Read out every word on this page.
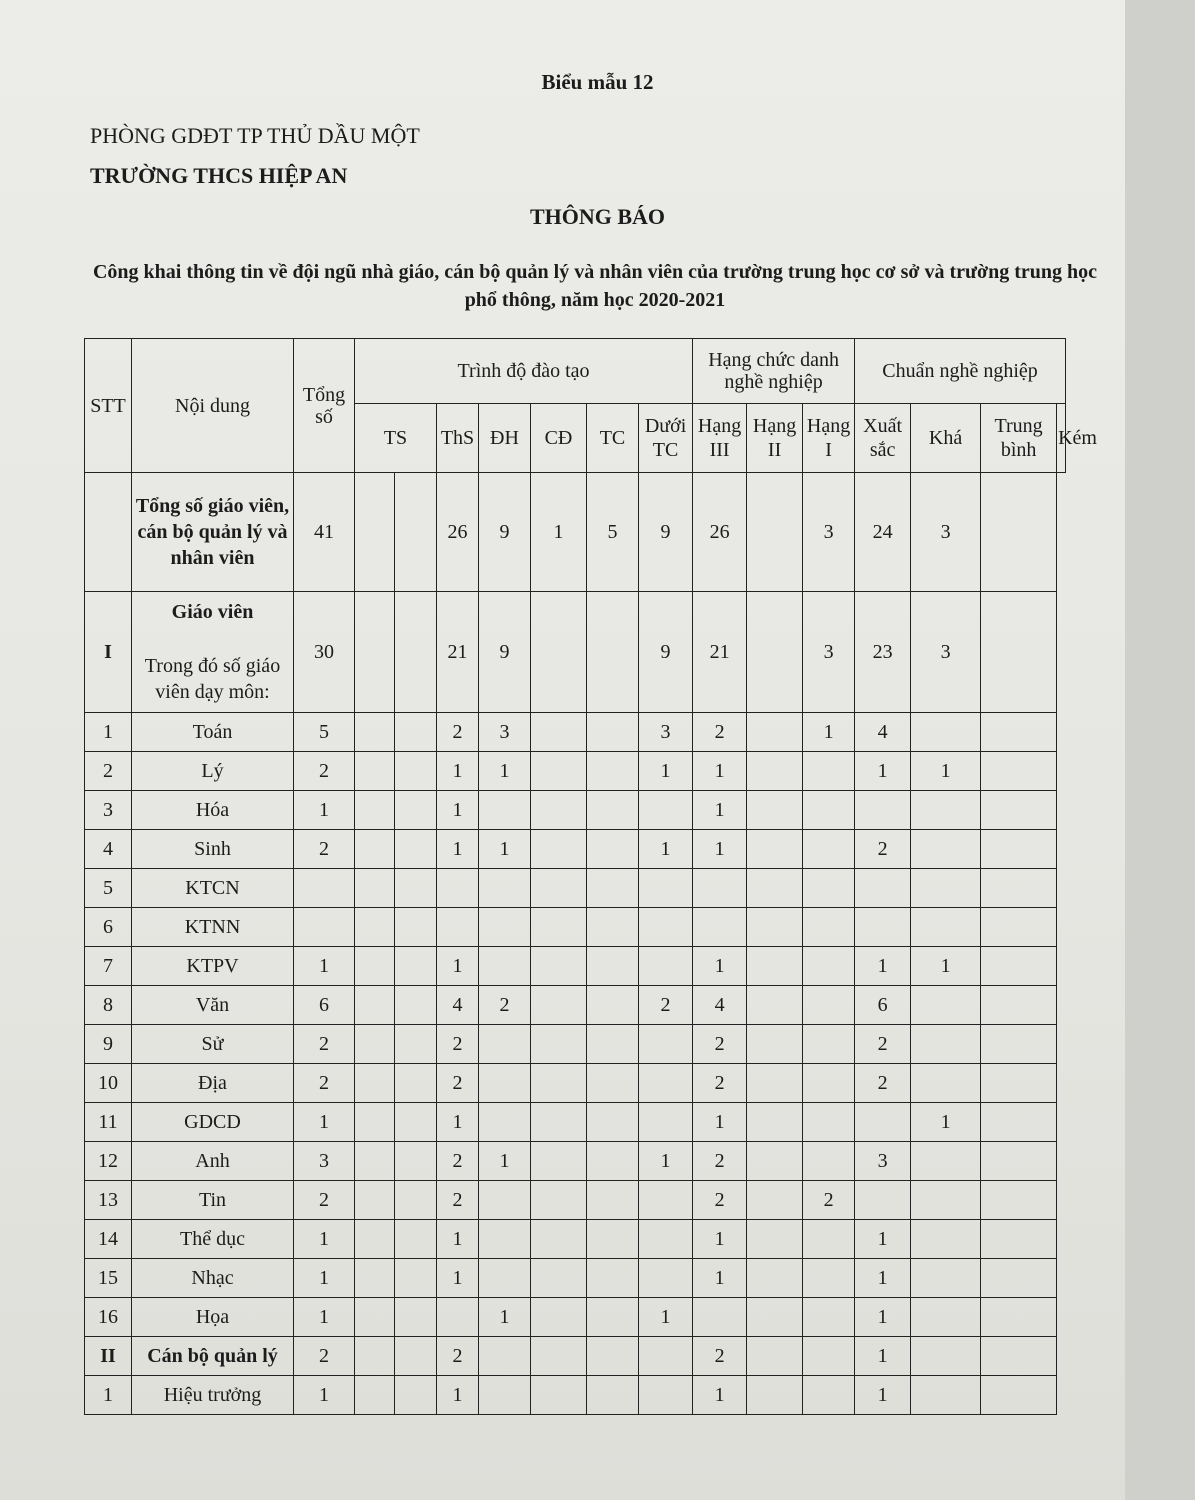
Biểu mẫu 12
PHÒNG GDĐT TP THỦ DẦU MỘT
TRƯỜNG THCS HIỆP AN
THÔNG BÁO
Công khai thông tin về đội ngũ nhà giáo, cán bộ quản lý và nhân viên của trường trung học cơ sở và trường trung học phổ thông, năm học 2020-2021
STT	Nội dung	Tổng số	Trình độ đào tạo							Hạng chức danh nghề nghiệp			Chuẩn nghề nghiệp			
			TS		ThS	ĐH	CĐ	TC	Dưới TC	Hạng III	Hạng II	Hạng I	Xuất sắc	Khá	Trung bình	Kém
	Tổng số giáo viên, cán bộ quản lý và nhân viên	41			26	9	1	5	9	26		3	24	3		
I	Giáo viên
Trong đó số giáo viên dạy môn:	30			21	9			9	21		3	23	3		
1	Toán	5			2	3			3	2		1	4			
2	Lý	2			1	1			1	1			1	1		
3	Hóa	1			1					1						
4	Sinh	2			1	1			1	1			2			
5	KTCN															
6	KTNN															
7	KTPV	1			1					1			1	1		
8	Văn	6			4	2			2	4			6			
9	Sử	2			2					2			2			
10	Địa	2			2					2			2			
11	GDCD	1			1					1				1		
12	Anh	3			2	1			1	2			3			
13	Tin	2			2					2		2				
14	Thể dục	1			1					1			1			
15	Nhạc	1			1					1			1			
16	Họa	1				1			1				1			
II	Cán bộ quản lý	2			2					2			1			
1	Hiệu trưởng	1			1					1			1			
